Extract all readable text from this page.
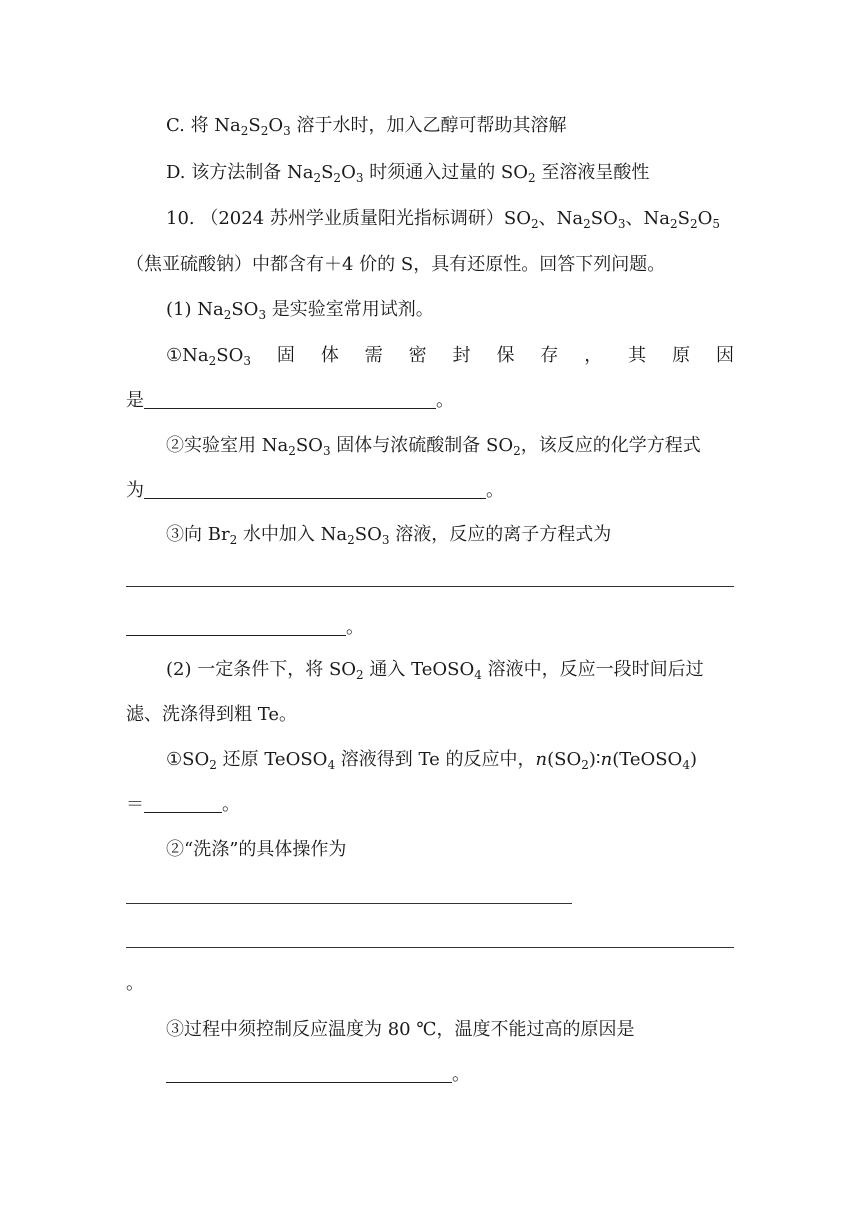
C. 将 $Na_2S_2O_3$ 溶于水时，加入乙醇可帮助其溶解
D. 该方法制备 $Na_2S_2O_3$ 时须通入过量的 $SO_2$ 至溶液呈酸性
10. （2024 苏州学业质量阳光指标调研）$SO_2$、$Na_2SO_3$、$Na_2S_2O_5$
（焦亚硫酸钠）中都含有＋4 价的 S，具有还原性。回答下列问题。
(1) $Na_2SO_3$ 是实验室常用试剂。
$①Na_2SO_3$ 固 体 需 密 封 保 存 ， 其 原 因
是	。
②实验室用 $Na_2SO_3$ 固体与浓硫酸制备 $SO_2$，该反应的化学方程式
为	。
③向 $Br_2$ 水中加入 $Na_2SO_3$ 溶液，反应的离子方程式为
。
(2) 一定条件下，将 $SO_2$ 通入 TeOSO$_4$ 溶液中，反应一段时间后过
滤、洗涤得到粗 Te。
$①SO_2$ 还原 TeOSO$_4$ 溶液得到 Te 的反应中，$n(SO_2)∶n(TeOSO_4)$
＝	。
②“洗涤”的具体操作为
。
③过程中须控制反应温度为 80 ℃，温度不能过高的原因是
。
